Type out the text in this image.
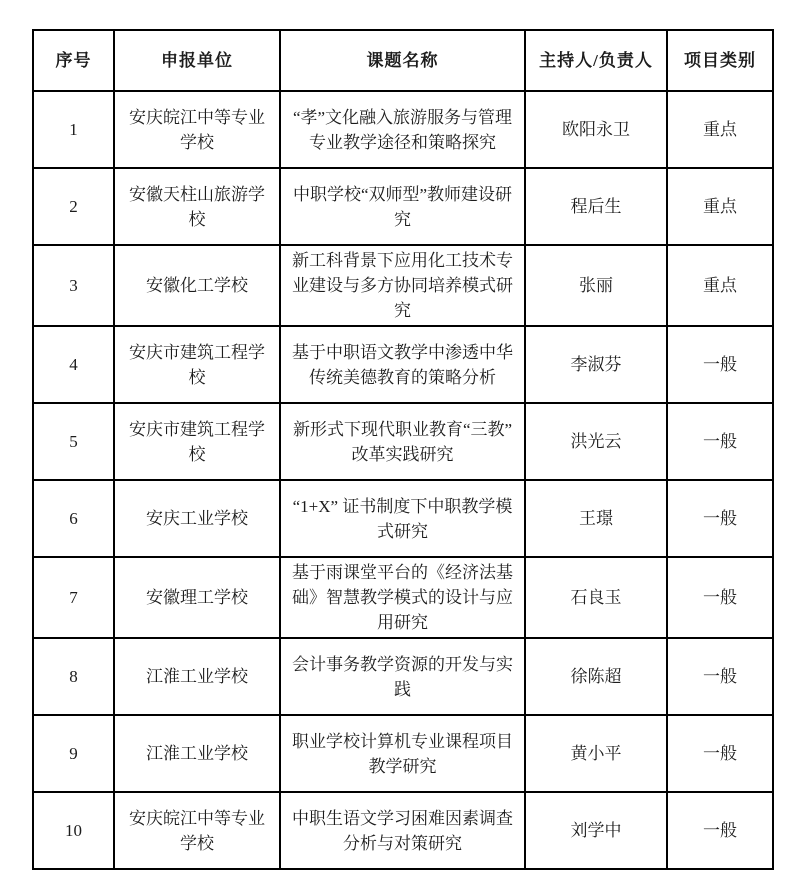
序号	申报单位	课题名称	主持人/负责人	项目类别
1	安庆皖江中等专业学校	“孝”文化融入旅游服务与管理专业教学途径和策略探究	欧阳永卫	重点
2	安徽天柱山旅游学校	中职学校“双师型”教师建设研究	程后生	重点
3	安徽化工学校	新工科背景下应用化工技术专业建设与多方协同培养模式研究	张丽	重点
4	安庆市建筑工程学校	基于中职语文教学中渗透中华传统美德教育的策略分析	李淑芬	一般
5	安庆市建筑工程学校	新形式下现代职业教育“三教” 改革实践研究	洪光云	一般
6	安庆工业学校	“1+X” 证书制度下中职教学模式研究	王璟	一般
7	安徽理工学校	基于雨课堂平台的《经济法基础》智慧教学模式的设计与应用研究	石良玉	一般
8	江淮工业学校	会计事务教学资源的开发与实践	徐陈超	一般
9	江淮工业学校	职业学校计算机专业课程项目教学研究	黄小平	一般
10	安庆皖江中等专业学校	中职生语文学习困难因素调查分析与对策研究	刘学中	一般
